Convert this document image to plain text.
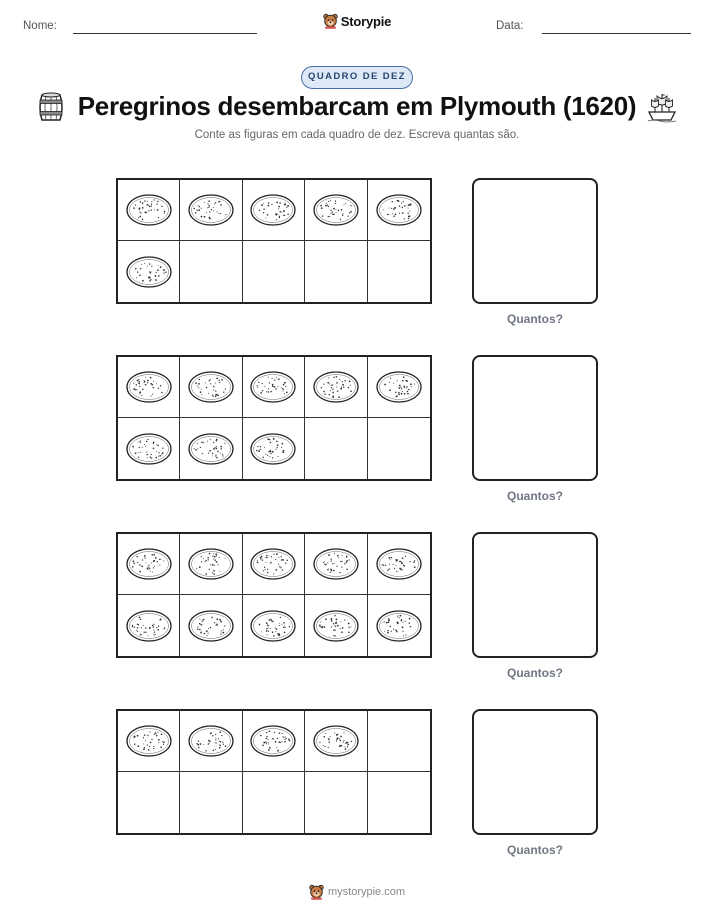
Nome:	Storypie	Data:
QUADRO DE DEZ
Peregrinos desembarcam em Plymouth (1620)
Conte as figuras em cada quadro de dez. Escreva quantas são.
Quantos?
Quantos?
Quantos?
Quantos?
mystorypie.com
